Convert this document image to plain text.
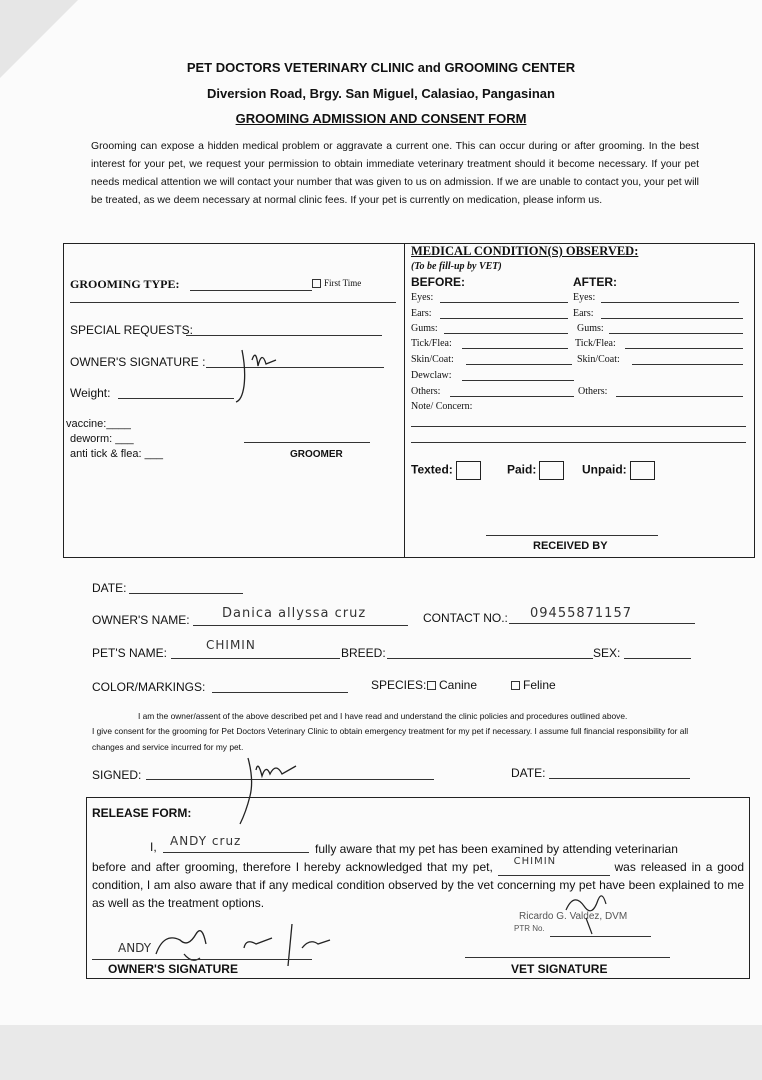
PET DOCTORS VETERINARY CLINIC and GROOMING CENTER
Diversion Road, Brgy. San Miguel, Calasiao, Pangasinan
GROOMING ADMISSION AND CONSENT FORM
Grooming can expose a hidden medical problem or aggravate a current one. This can occur during or after grooming. In the best interest for your pet, we request your permission to obtain immediate veterinary treatment should it become necessary. If your pet needs medical attention we will contact your number that was given to us on admission. If we are unable to contact you, your pet will be treated, as we deem necessary at normal clinic fees. If your pet is currently on medication, please inform us.
GROOMING TYPE:	First Time
SPECIAL REQUESTS:
OWNER'S SIGNATURE :
Weight:
vaccine:____
deworm: ___
anti tick & flea: ___	GROOMER
MEDICAL CONDITION(S) OBSERVED:
(To be fill-up by VET)
BEFORE:	AFTER:
Eyes:	Eyes:
Ears:	Ears:
Gums:	Gums:
Tick/Flea:	Tick/Flea:
Skin/Coat:	Skin/Coat:
Dewclaw:
Others:	Others:
Note/ Concern:
Texted:	Paid:	Unpaid:
RECEIVED BY
DATE:
OWNER'S NAME: Danica allyssa cruz	CONTACT NO.: 09455871157
PET'S NAME:
CHIMIN
BREED:	SEX:
COLOR/MARKINGS:	SPECIES:	Canine	Feline
I am the owner/assent of the above described pet and I have read and understand the clinic policies and procedures outlined above.
I give consent for the grooming for Pet Doctors Veterinary Clinic to obtain emergency treatment for my pet if necessary. I assume full financial responsibility for all changes and service incurred for my pet.
SIGNED:	DATE:
RELEASE FORM:
I, ANDY cruz
fully aware that my pet has been examined by attending veterinarian
before and after grooming, therefore I hereby acknowledged that my pet, CHIMIN	was released in a good condition, I am also aware that if any medical condition observed by the vet concerning my pet have been explained to me as well as the treatment options.
Ricardo G. Valdez, DVM
PTR No.
ANDY
OWNER'S SIGNATURE	VET SIGNATURE
